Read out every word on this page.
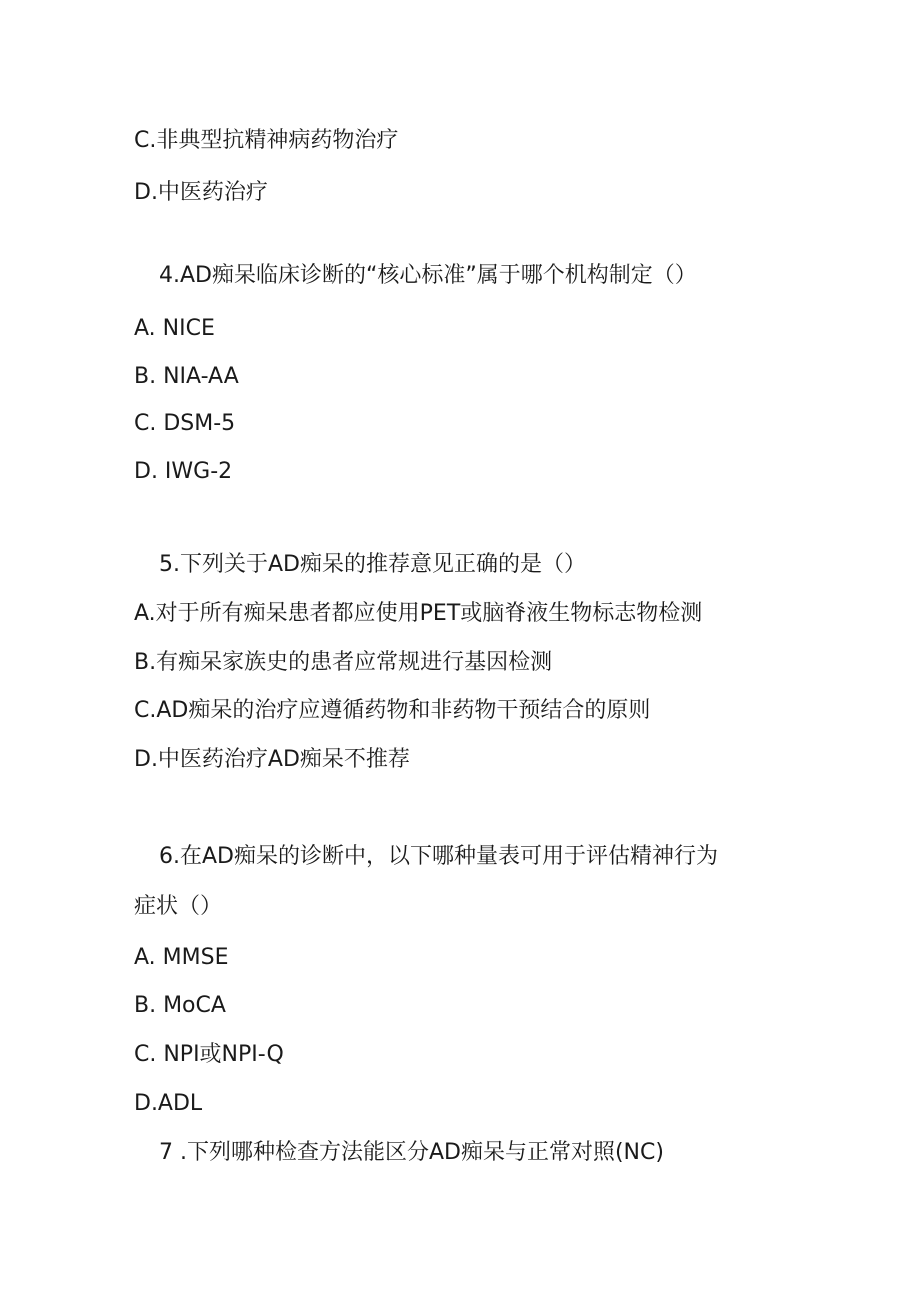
C.非典型抗精神病药物治疗
D.中医药治疗
4.AD痴呆临床诊断的“核心标准”属于哪个机构制定（）
A. NICE
B. NIA-AA
C. DSM-5
D. IWG-2
5.下列关于AD痴呆的推荐意见正确的是（）
A.对于所有痴呆患者都应使用PET或脑脊液生物标志物检测
B.有痴呆家族史的患者应常规进行基因检测
C.AD痴呆的治疗应遵循药物和非药物干预结合的原则
D.中医药治疗AD痴呆不推荐
6.在AD痴呆的诊断中，以下哪种量表可用于评估精神行为
症状（）
A. MMSE
B. MoCA
C. NPI或NPI-Q
D.ADL
7 .下列哪种检查方法能区分AD痴呆与正常对照(NC)
